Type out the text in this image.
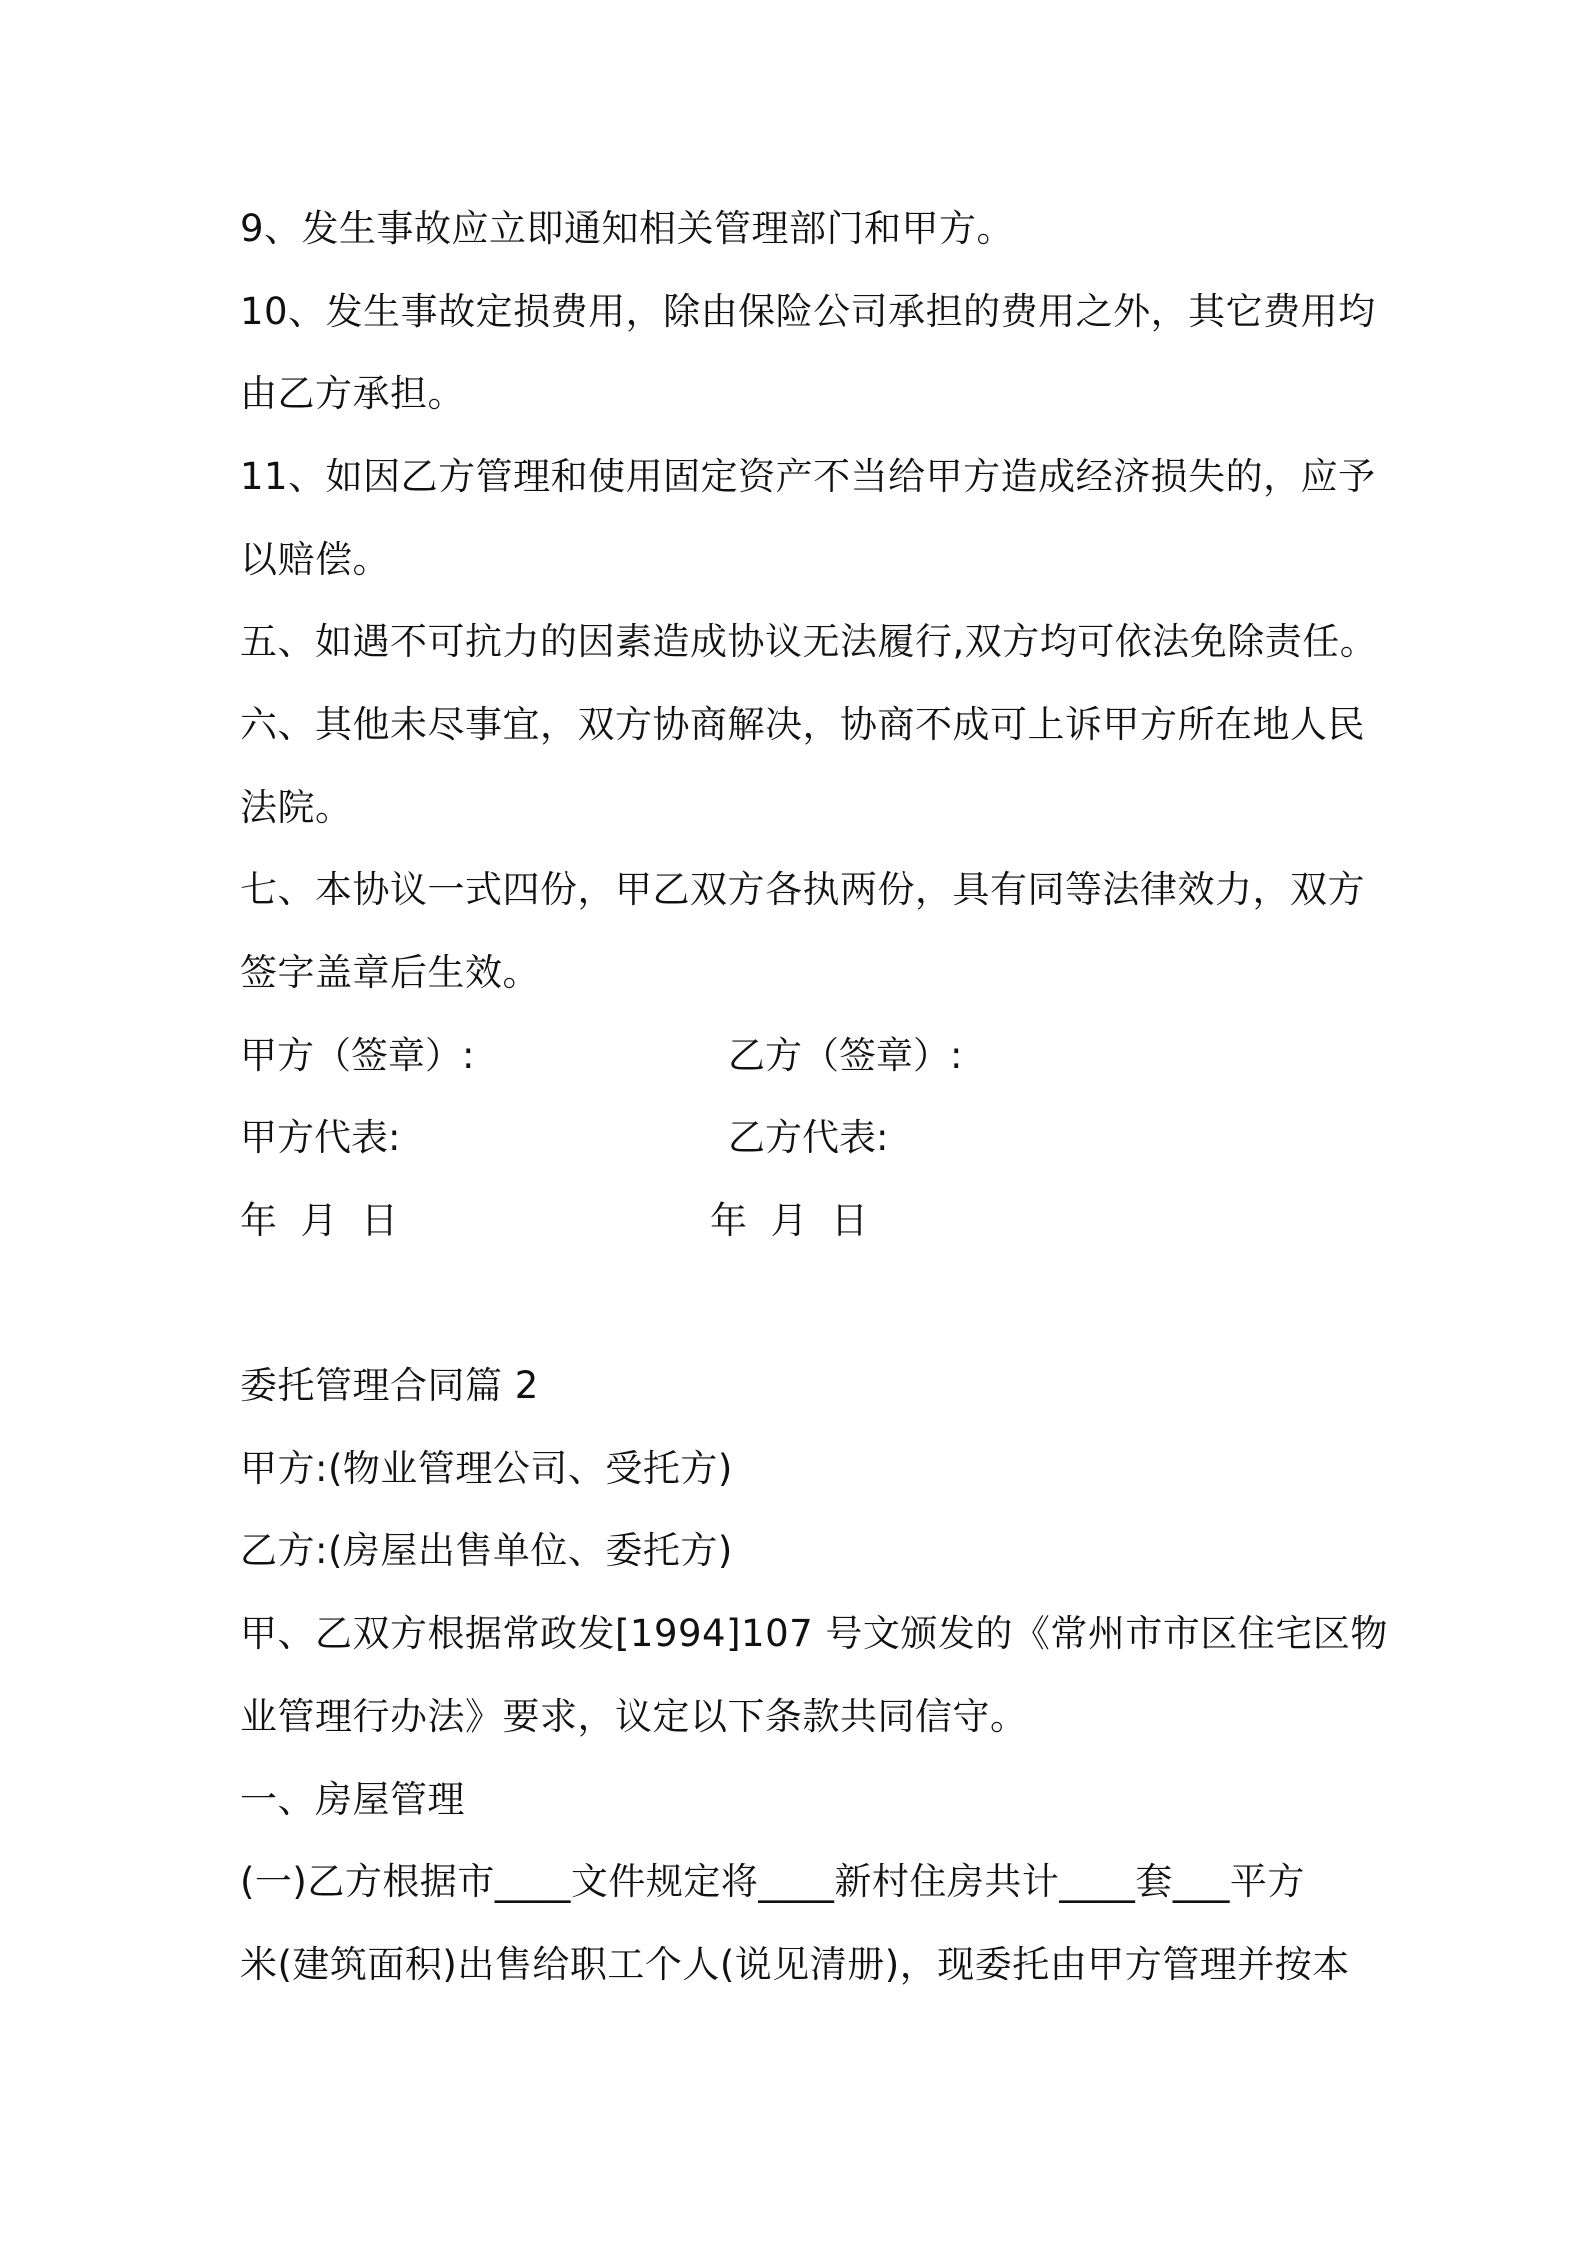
9、发生事故应立即通知相关管理部门和甲方。
10、发生事故定损费用，除由保险公司承担的费用之外，其它费用均
由乙方承担。
11、如因乙方管理和使用固定资产不当给甲方造成经济损失的，应予
以赔偿。
五、如遇不可抗力的因素造成协议无法履行,双方均可依法免除责任。
六、其他未尽事宜，双方协商解决，协商不成可上诉甲方所在地人民
法院。
七、本协议一式四份，甲乙双方各执两份，具有同等法律效力，双方
签字盖章后生效。
甲方（签章）:	乙方（签章）:
甲方代表:	乙方代表:
年  月  日	年  月  日
委托管理合同篇 2
甲方:(物业管理公司、受托方)
乙方:(房屋出售单位、委托方)
甲、乙双方根据常政发[1994]107 号文颁发的《常州市市区住宅区物
业管理行办法》要求，议定以下条款共同信守。
一、房屋管理
(一)乙方根据市____文件规定将____新村住房共计____套___平方
米(建筑面积)出售给职工个人(说见清册)，现委托由甲方管理并按本
